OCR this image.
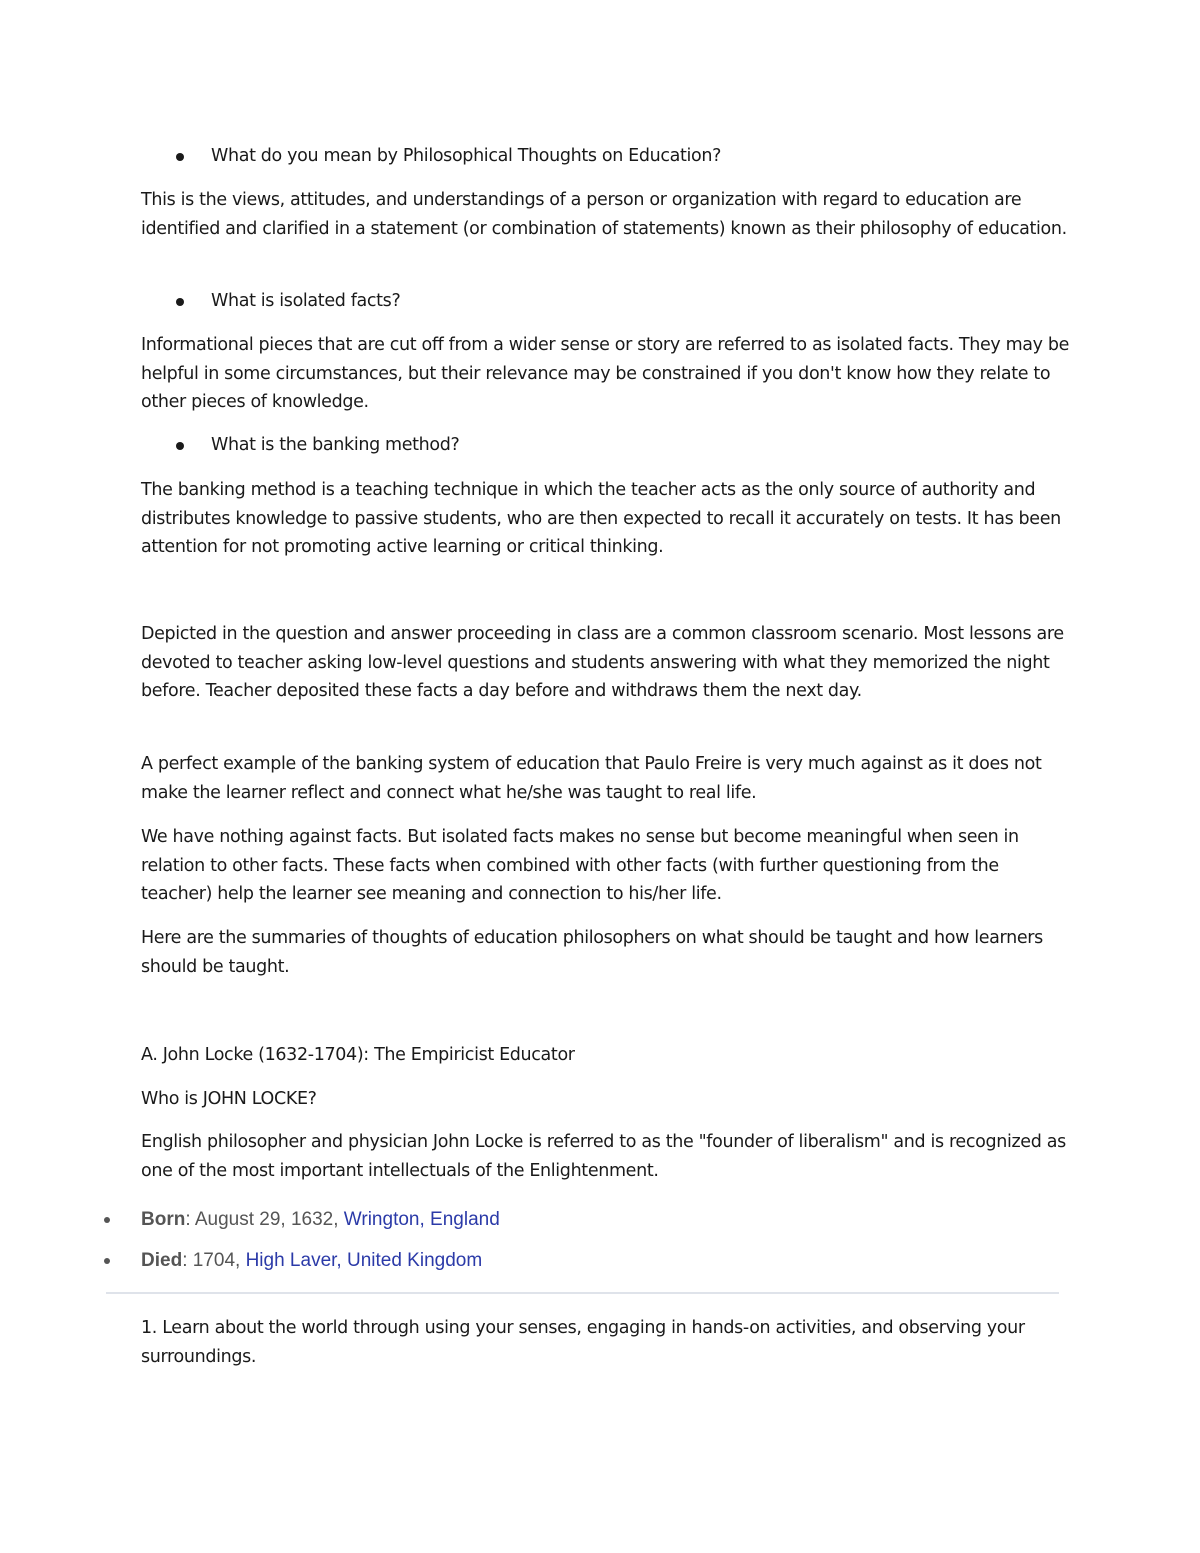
What do you mean by Philosophical Thoughts on Education?

This is the views, attitudes, and understandings of a person or organization with regard to education are identified and clarified in a statement (or combination of statements) known as their philosophy of education.

What is isolated facts?

Informational pieces that are cut off from a wider sense or story are referred to as isolated facts. They may be helpful in some circumstances, but their relevance may be constrained if you don't know how they relate to other pieces of knowledge.

What is the banking method?

The banking method is a teaching technique in which the teacher acts as the only source of authority and distributes knowledge to passive students, who are then expected to recall it accurately on tests. It has been attention for not promoting active learning or critical thinking.

Depicted in the question and answer proceeding in class are a common classroom scenario. Most lessons are devoted to teacher asking low-level questions and students answering with what they memorized the night before. Teacher deposited these facts a day before and withdraws them the next day.

A perfect example of the banking system of education that Paulo Freire is very much against as it does not make the learner reflect and connect what he/she was taught to real life.

We have nothing against facts. But isolated facts makes no sense but become meaningful when seen in relation to other facts. These facts when combined with other facts (with further questioning from the teacher) help the learner see meaning and connection to his/her life.

Here are the summaries of thoughts of education philosophers on what should be taught and how learners should be taught.

A. John Locke (1632-1704): The Empiricist Educator

Who is JOHN LOCKE?

English philosopher and physician John Locke is referred to as the "founder of liberalism" and is recognized as one of the most important intellectuals of the Enlightenment.

Born: August 29, 1632, Wrington, England
Died: 1704, High Laver, United Kingdom

1. Learn about the world through using your senses, engaging in hands-on activities, and observing your surroundings.
